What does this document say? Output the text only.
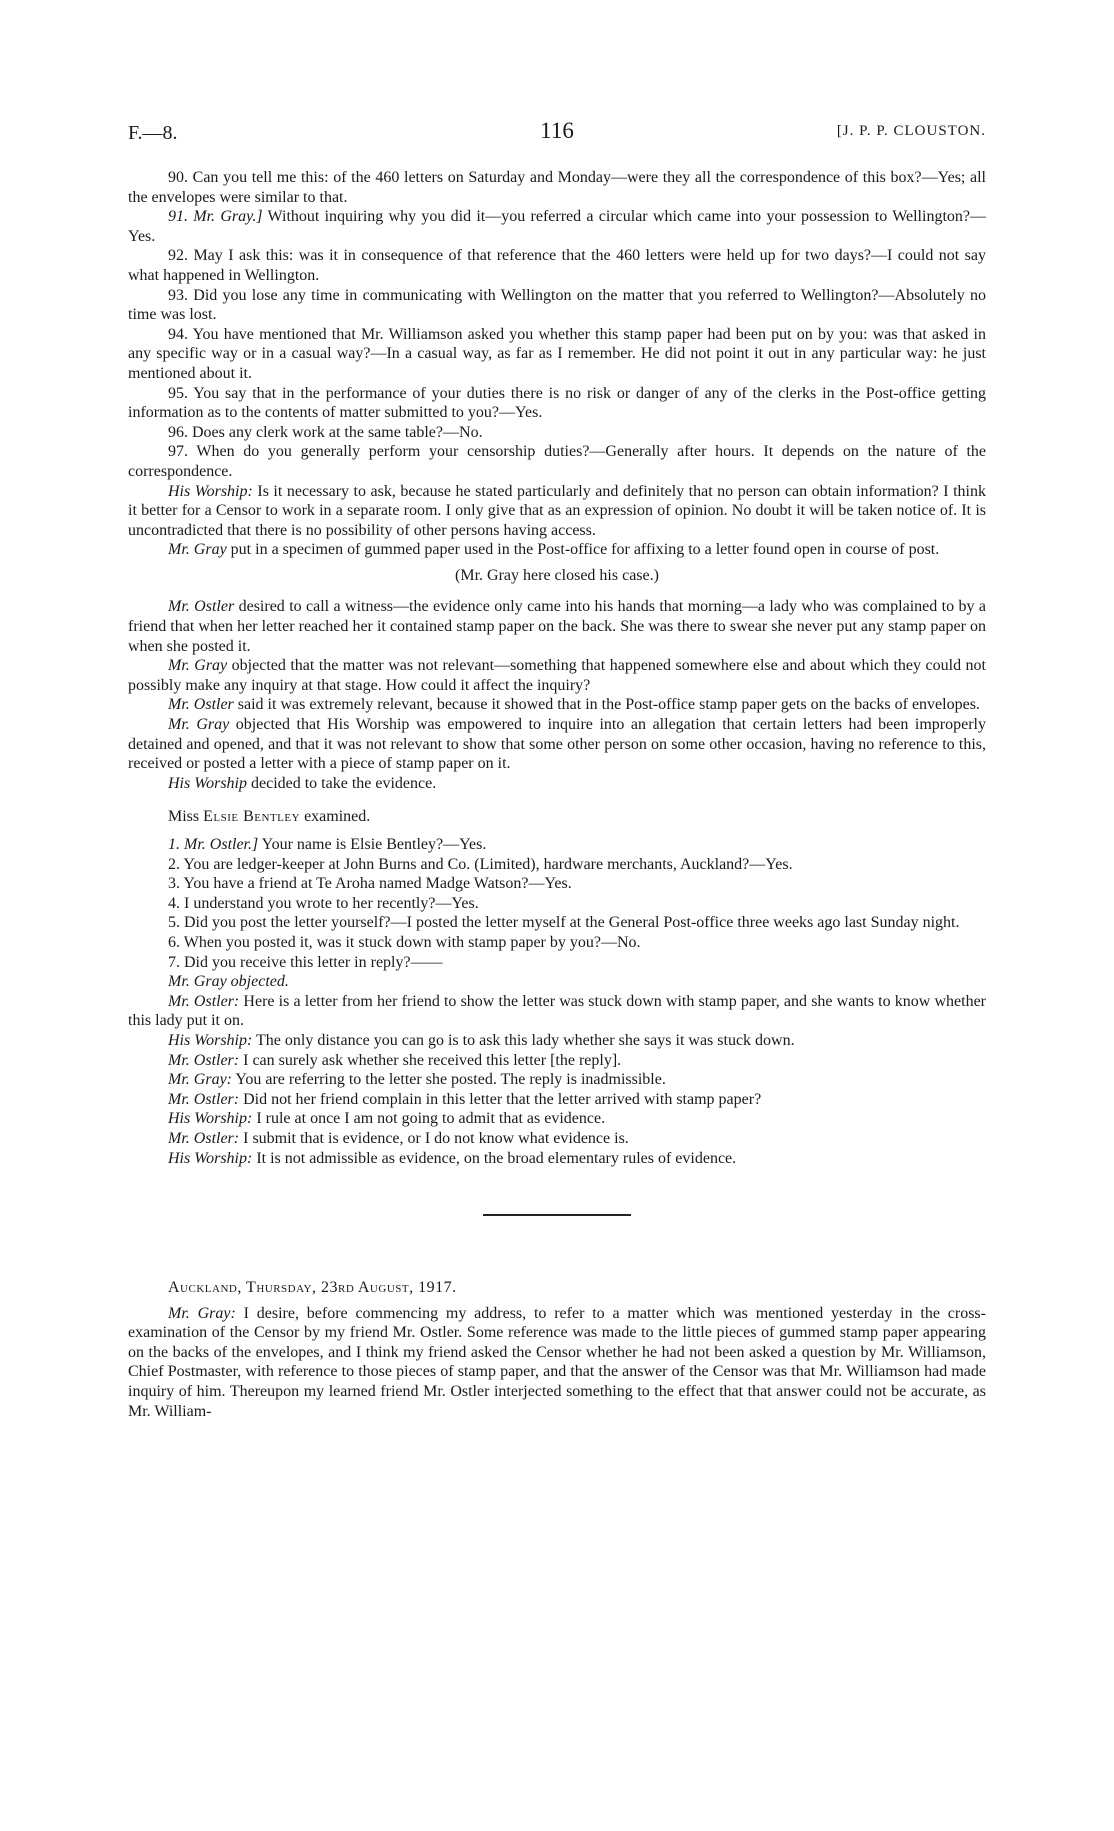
F.—8.	116	[J. P. P. CLOUSTON.

90. Can you tell me this: of the 460 letters on Saturday and Monday—were they all the correspondence of this box?—Yes; all the envelopes were similar to that.

91. Mr. Gray.] Without inquiring why you did it—you referred a circular which came into your possession to Wellington?—Yes.

92. May I ask this: was it in consequence of that reference that the 460 letters were held up for two days?—I could not say what happened in Wellington.

93. Did you lose any time in communicating with Wellington on the matter that you referred to Wellington?—Absolutely no time was lost.

94. You have mentioned that Mr. Williamson asked you whether this stamp paper had been put on by you: was that asked in any specific way or in a casual way?—In a casual way, as far as I remember. He did not point it out in any particular way: he just mentioned about it.

95. You say that in the performance of your duties there is no risk or danger of any of the clerks in the Post-office getting information as to the contents of matter submitted to you?—Yes.

96. Does any clerk work at the same table?—No.

97. When do you generally perform your censorship duties?—Generally after hours. It depends on the nature of the correspondence.

His Worship: Is it necessary to ask, because he stated particularly and definitely that no person can obtain information? I think it better for a Censor to work in a separate room. I only give that as an expression of opinion. No doubt it will be taken notice of. It is uncontradicted that there is no possibility of other persons having access.

Mr. Gray put in a specimen of gummed paper used in the Post-office for affixing to a letter found open in course of post.

(Mr. Gray here closed his case.)

Mr. Ostler desired to call a witness—the evidence only came into his hands that morning—a lady who was complained to by a friend that when her letter reached her it contained stamp paper on the back. She was there to swear she never put any stamp paper on when she posted it.

Mr. Gray objected that the matter was not relevant—something that happened somewhere else and about which they could not possibly make any inquiry at that stage. How could it affect the inquiry?

Mr. Ostler said it was extremely relevant, because it showed that in the Post-office stamp paper gets on the backs of envelopes.

Mr. Gray objected that His Worship was empowered to inquire into an allegation that certain letters had been improperly detained and opened, and that it was not relevant to show that some other person on some other occasion, having no reference to this, received or posted a letter with a piece of stamp paper on it.

His Worship decided to take the evidence.

Miss Elsie Bentley examined.

1. Mr. Ostler.] Your name is Elsie Bentley?—Yes.

2. You are ledger-keeper at John Burns and Co. (Limited), hardware merchants, Auckland?—Yes.

3. You have a friend at Te Aroha named Madge Watson?—Yes.

4. I understand you wrote to her recently?—Yes.

5. Did you post the letter yourself?—I posted the letter myself at the General Post-office three weeks ago last Sunday night.

6. When you posted it, was it stuck down with stamp paper by you?—No.

7. Did you receive this letter in reply?——

Mr. Gray objected.

Mr. Ostler: Here is a letter from her friend to show the letter was stuck down with stamp paper, and she wants to know whether this lady put it on.

His Worship: The only distance you can go is to ask this lady whether she says it was stuck down.

Mr. Ostler: I can surely ask whether she received this letter [the reply].

Mr. Gray: You are referring to the letter she posted. The reply is inadmissible.

Mr. Ostler: Did not her friend complain in this letter that the letter arrived with stamp paper?

His Worship: I rule at once I am not going to admit that as evidence.

Mr. Ostler: I submit that is evidence, or I do not know what evidence is.

His Worship: It is not admissible as evidence, on the broad elementary rules of evidence.

Auckland, Thursday, 23rd August, 1917.

Mr. Gray: I desire, before commencing my address, to refer to a matter which was mentioned yesterday in the cross-examination of the Censor by my friend Mr. Ostler. Some reference was made to the little pieces of gummed stamp paper appearing on the backs of the envelopes, and I think my friend asked the Censor whether he had not been asked a question by Mr. Williamson, Chief Postmaster, with reference to those pieces of stamp paper, and that the answer of the Censor was that Mr. Williamson had made inquiry of him. Thereupon my learned friend Mr. Ostler interjected something to the effect that that answer could not be accurate, as Mr. William-
